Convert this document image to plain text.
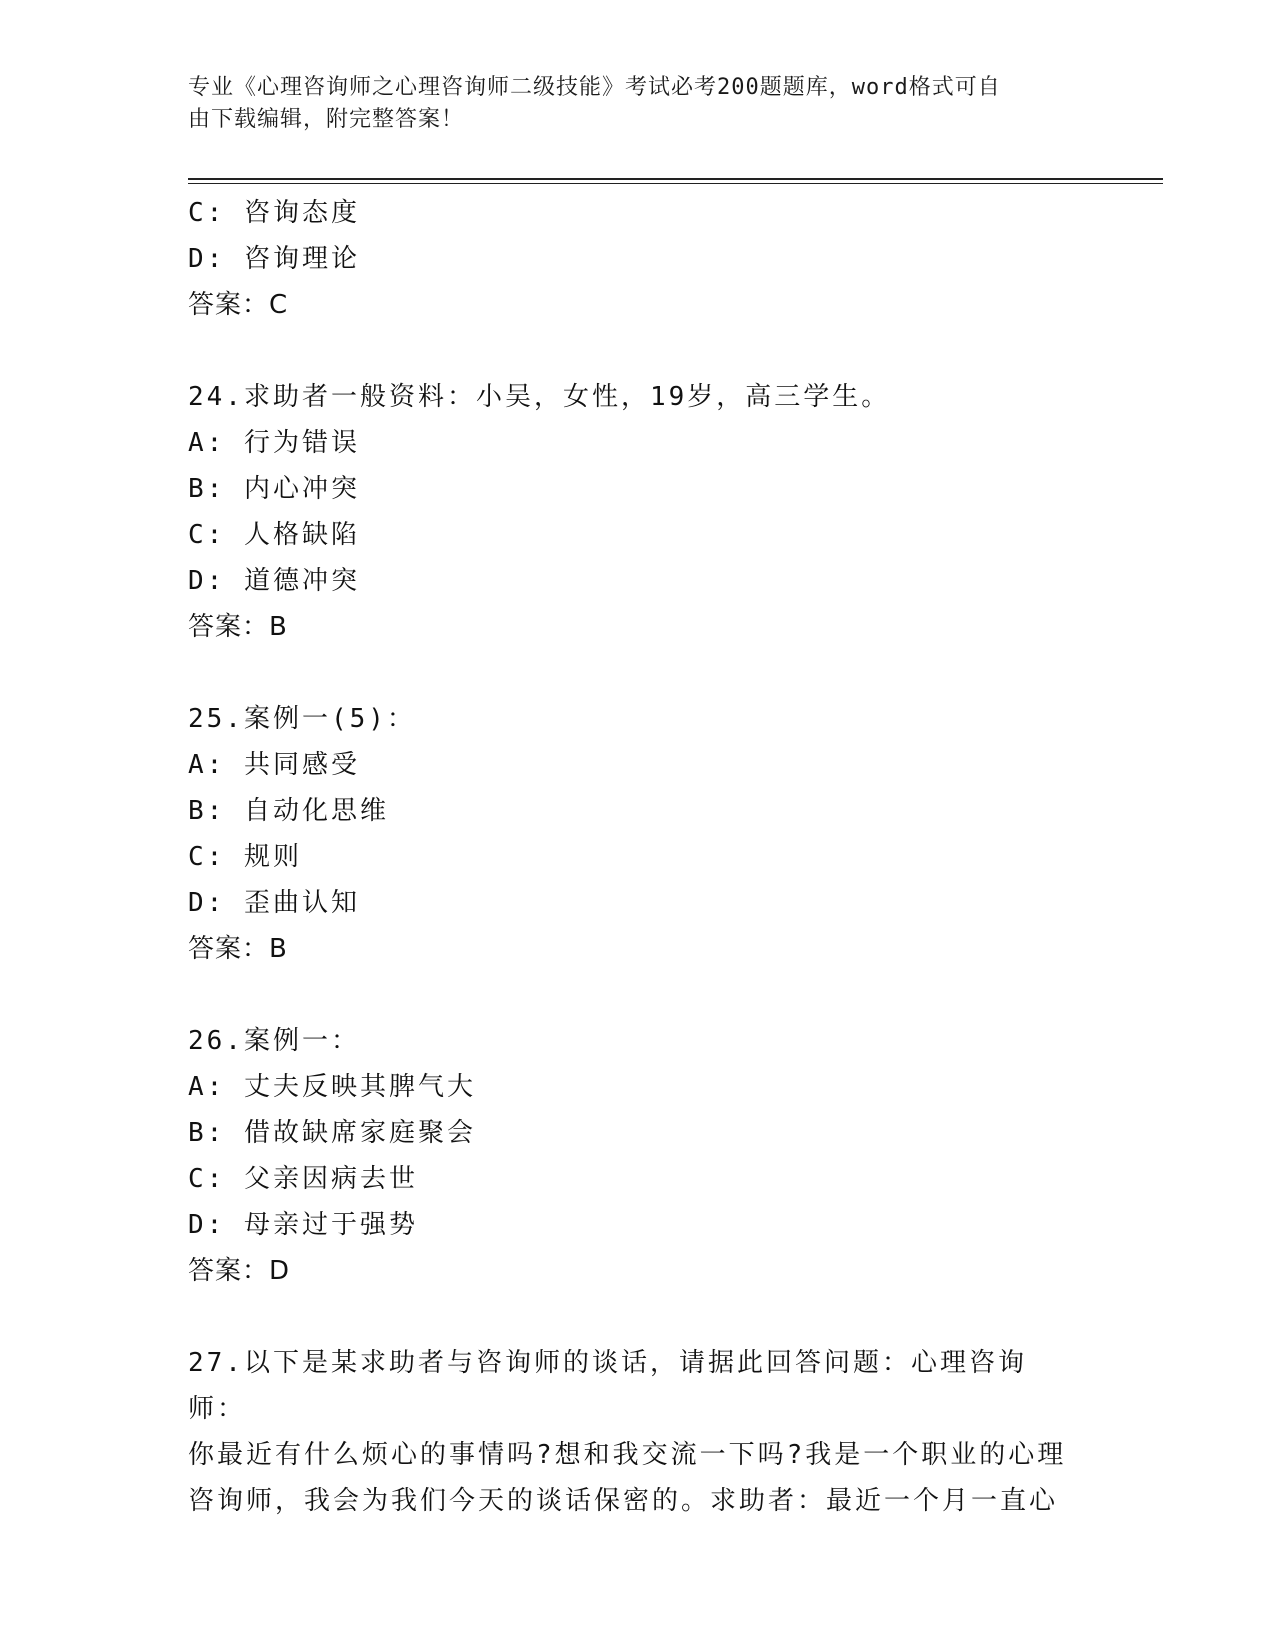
专业《心理咨询师之心理咨询师二级技能》考试必考200题题库，word格式可自
由下载编辑，附完整答案！
C: 咨询态度
D: 咨询理论
答案：C
24.求助者一般资料：小吴，女性，19岁，高三学生。
A: 行为错误
B: 内心冲突
C: 人格缺陷
D: 道德冲突
答案：B
25.案例一(5)：
A: 共同感受
B: 自动化思维
C: 规则
D: 歪曲认知
答案：B
26.案例一：
A: 丈夫反映其脾气大
B: 借故缺席家庭聚会
C: 父亲因病去世
D: 母亲过于强势
答案：D
27.以下是某求助者与咨询师的谈话，请据此回答问题：心理咨询师：
你最近有什么烦心的事情吗?想和我交流一下吗?我是一个职业的心理
咨询师，我会为我们今天的谈话保密的。求助者：最近一个月一直心
